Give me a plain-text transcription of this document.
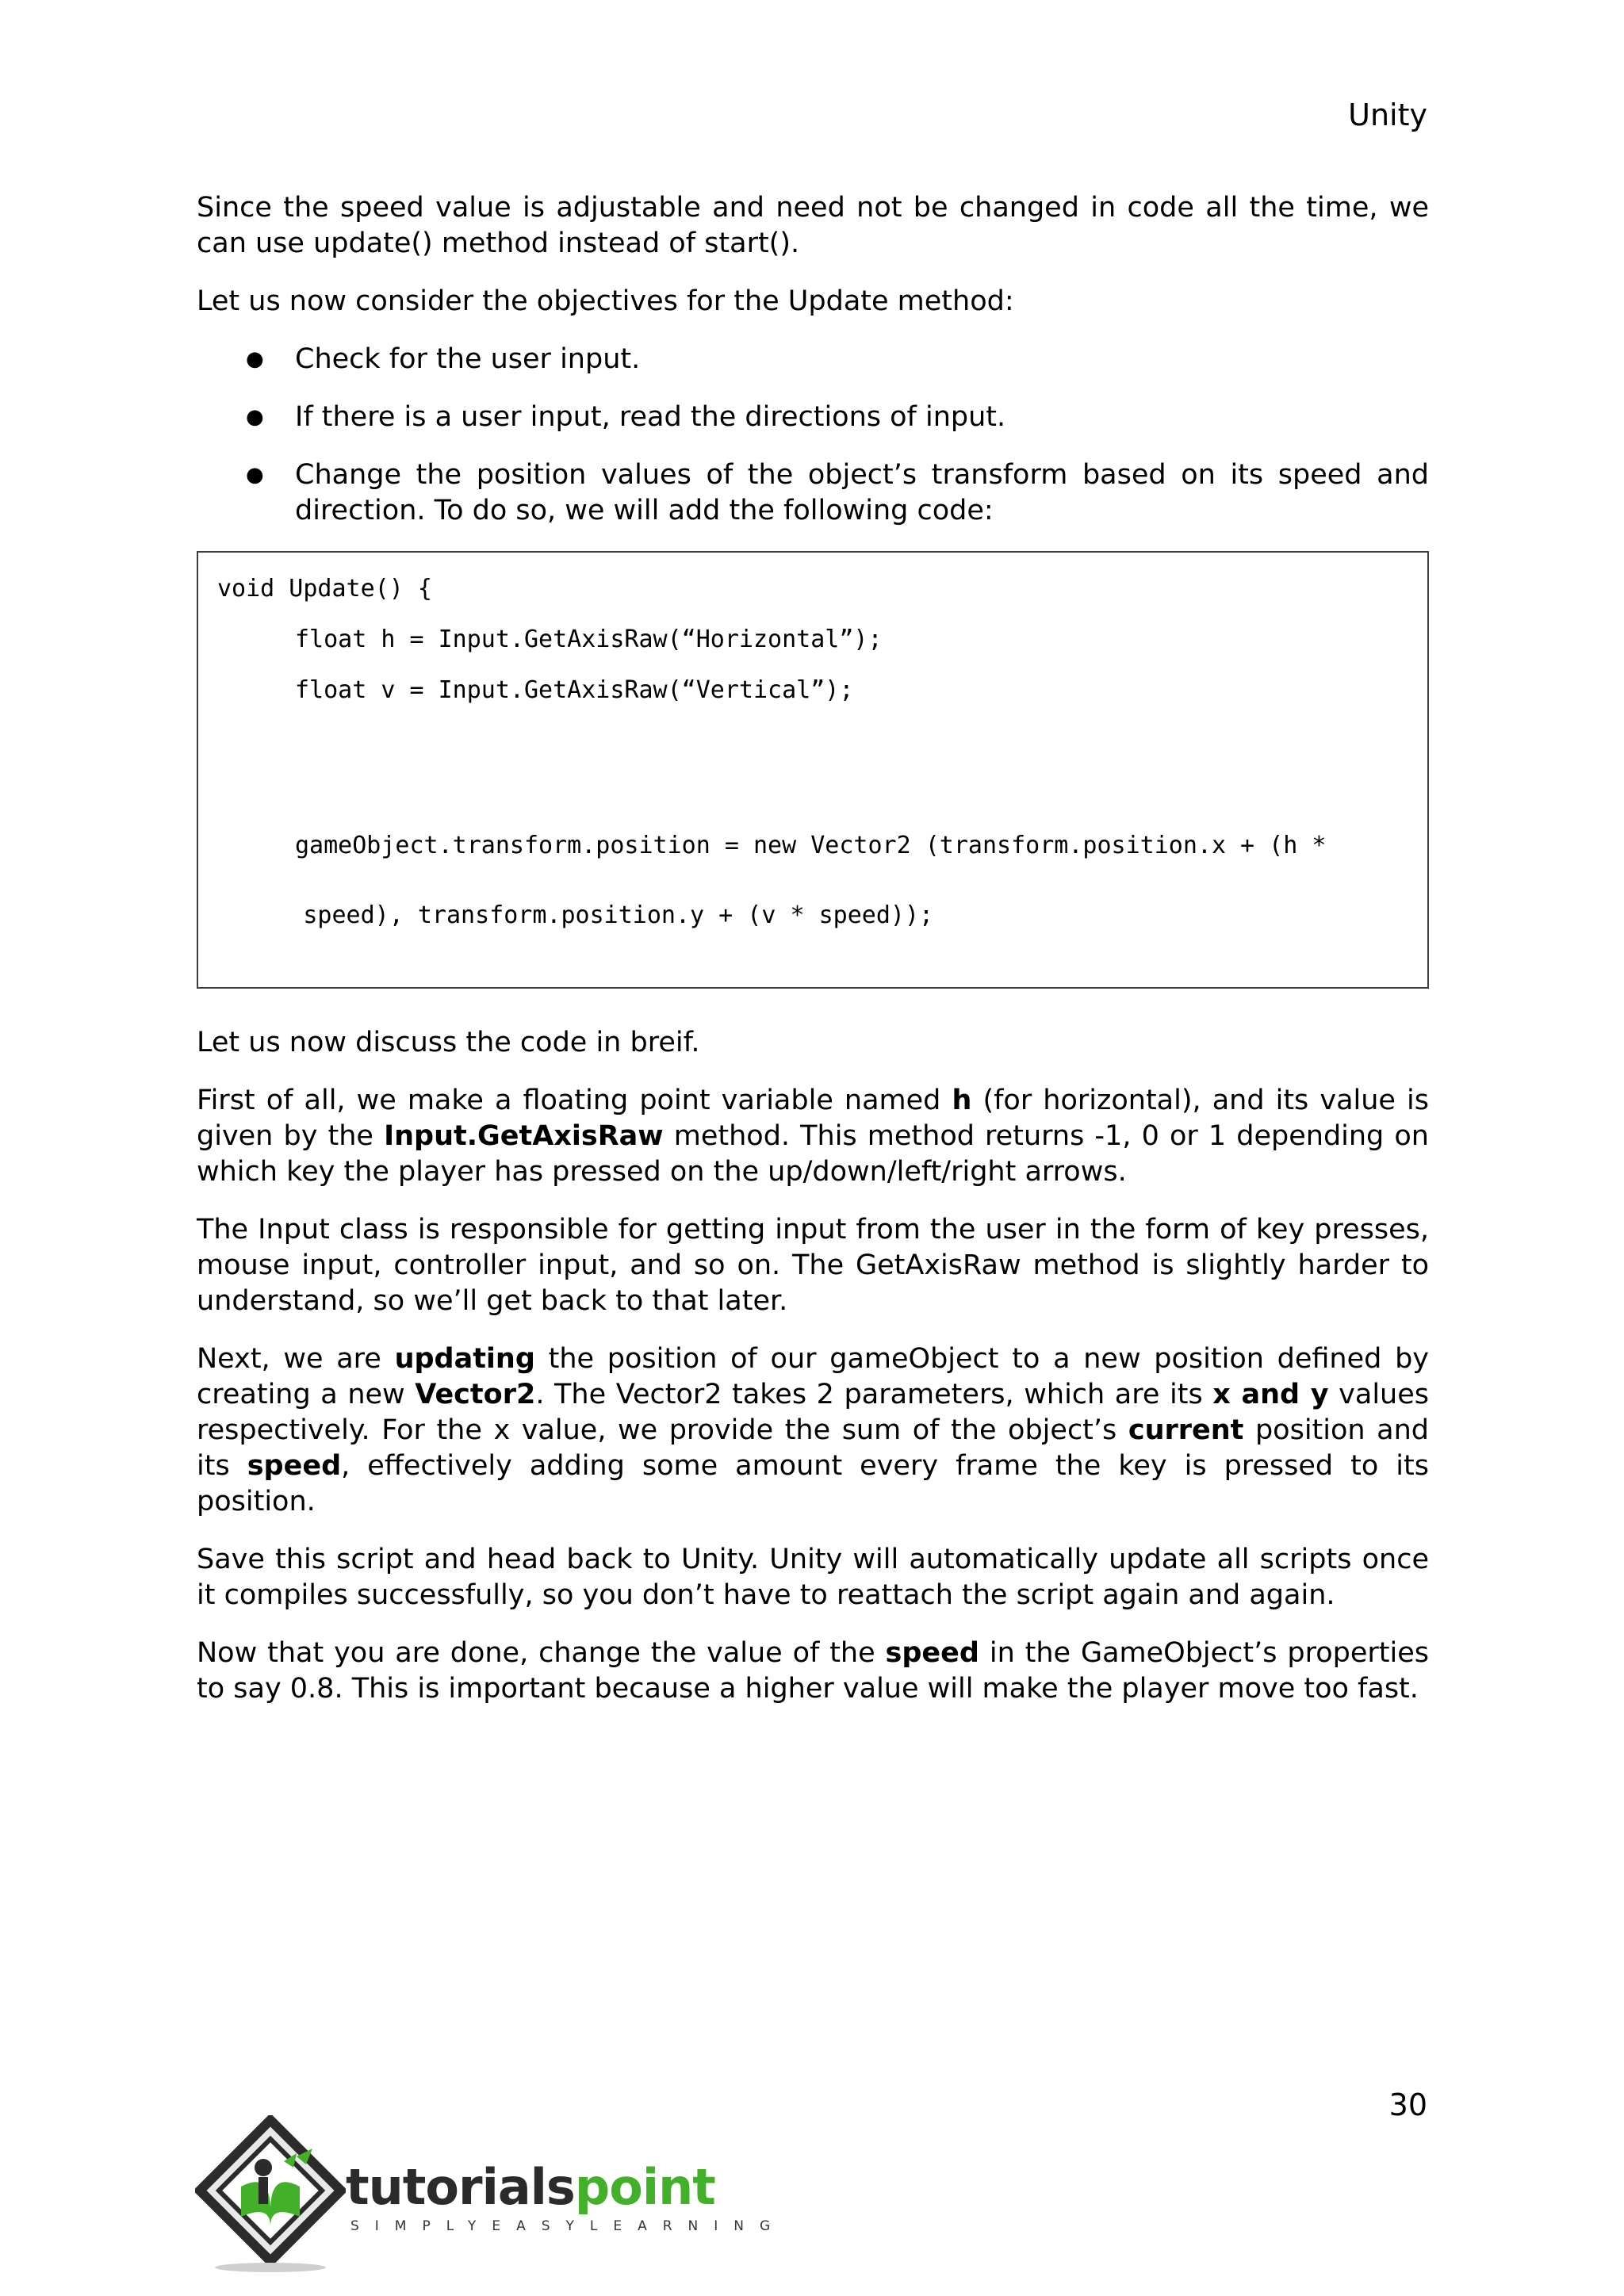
Unity

Since the speed value is adjustable and need not be changed in code all the time, we can use update() method instead of start().

Let us now consider the objectives for the Update method:

● Check for the user input.
● If there is a user input, read the directions of input.
● Change the position values of the object’s transform based on its speed and direction. To do so, we will add the following code:
void Update() {
float h = Input.GetAxisRaw(“Horizontal”);
float v = Input.GetAxisRaw(“Vertical”);

gameObject.transform.position = new Vector2 (transform.position.x + (h *

speed), transform.position.y + (v * speed));

Let us now discuss the code in breif.

First of all, we make a floating point variable named h (for horizontal), and its value is given by the Input.GetAxisRaw method. This method returns -1, 0 or 1 depending on which key the player has pressed on the up/down/left/right arrows.

The Input class is responsible for getting input from the user in the form of key presses, mouse input, controller input, and so on. The GetAxisRaw method is slightly harder to understand, so we’ll get back to that later.

Next, we are updating the position of our gameObject to a new position defined by creating a new Vector2. The Vector2 takes 2 parameters, which are its x and y values respectively. For the x value, we provide the sum of the object’s current position and its speed, effectively adding some amount every frame the key is pressed to its position.

Save this script and head back to Unity. Unity will automatically update all scripts once it compiles successfully, so you don’t have to reattach the script again and again.

Now that you are done, change the value of the speed in the GameObject’s properties to say 0.8. This is important because a higher value will make the player move too fast.

30
tutorialspoint
SIMPLYEASYLEARNING
